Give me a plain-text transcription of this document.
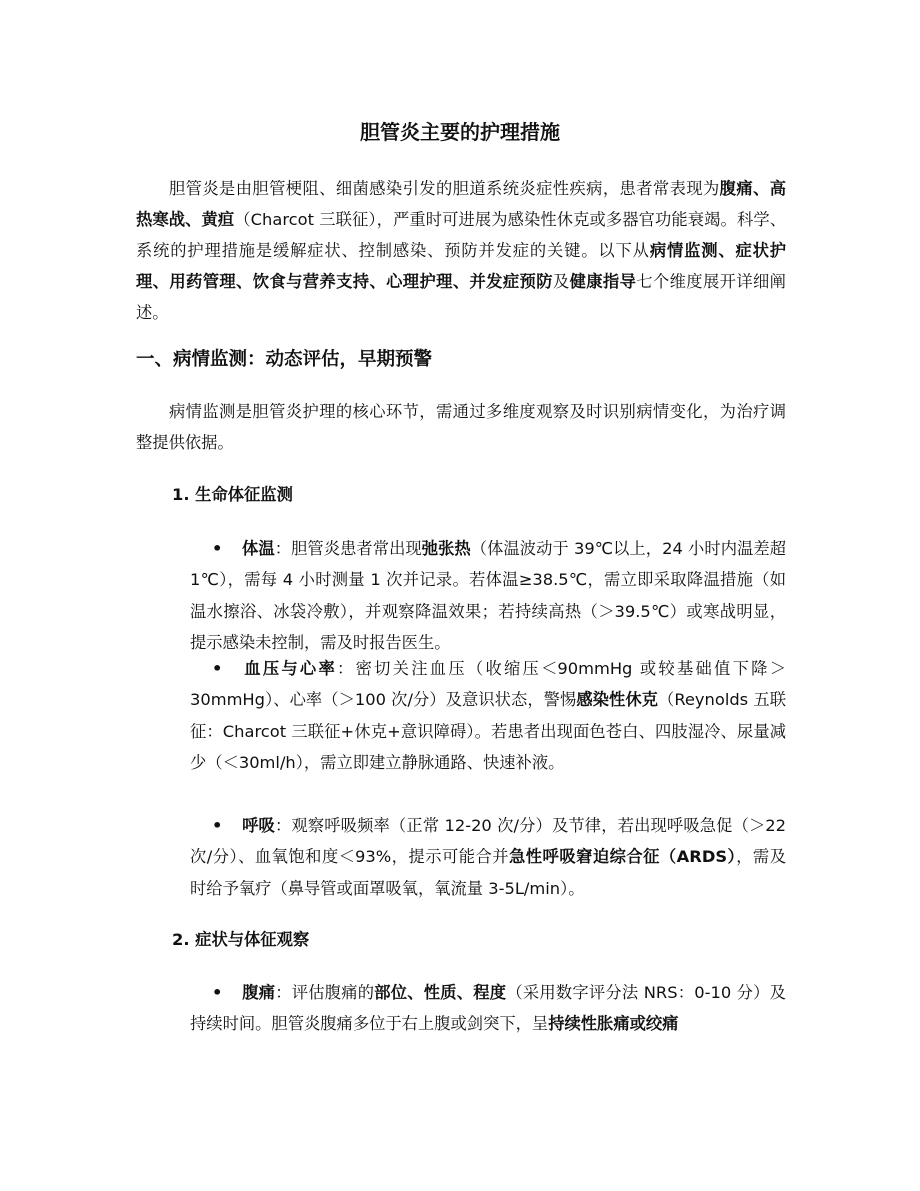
胆管炎主要的护理措施

胆管炎是由胆管梗阻、细菌感染引发的胆道系统炎症性疾病，患者常表现为腹痛、高热寒战、黄疸（Charcot 三联征），严重时可进展为感染性休克或多器官功能衰竭。科学、系统的护理措施是缓解症状、控制感染、预防并发症的关键。以下从病情监测、症状护理、用药管理、饮食与营养支持、心理护理、并发症预防及健康指导七个维度展开详细阐述。

一、病情监测：动态评估，早期预警

病情监测是胆管炎护理的核心环节，需通过多维度观察及时识别病情变化，为治疗调整提供依据。

1. 生命体征监测

• 体温：胆管炎患者常出现弛张热（体温波动于 39℃以上，24 小时内温差超 1℃），需每 4 小时测量 1 次并记录。若体温≥38.5℃，需立即采取降温措施（如温水擦浴、冰袋冷敷），并观察降温效果；若持续高热（＞39.5℃）或寒战明显，提示感染未控制，需及时报告医生。

• 血压与心率：密切关注血压（收缩压＜90mmHg 或较基础值下降＞30mmHg）、心率（＞100 次/分）及意识状态，警惕感染性休克（Reynolds 五联征：Charcot 三联征+休克+意识障碍）。若患者出现面色苍白、四肢湿冷、尿量减少（＜30ml/h），需立即建立静脉通路、快速补液。

• 呼吸：观察呼吸频率（正常 12-20 次/分）及节律，若出现呼吸急促（＞22 次/分）、血氧饱和度＜93%，提示可能合并急性呼吸窘迫综合征（ARDS），需及时给予氧疗（鼻导管或面罩吸氧，氧流量 3-5L/min）。

2. 症状与体征观察

• 腹痛：评估腹痛的部位、性质、程度（采用数字评分法 NRS：0-10 分）及持续时间。胆管炎腹痛多位于右上腹或剑突下，呈持续性胀痛或绞痛
